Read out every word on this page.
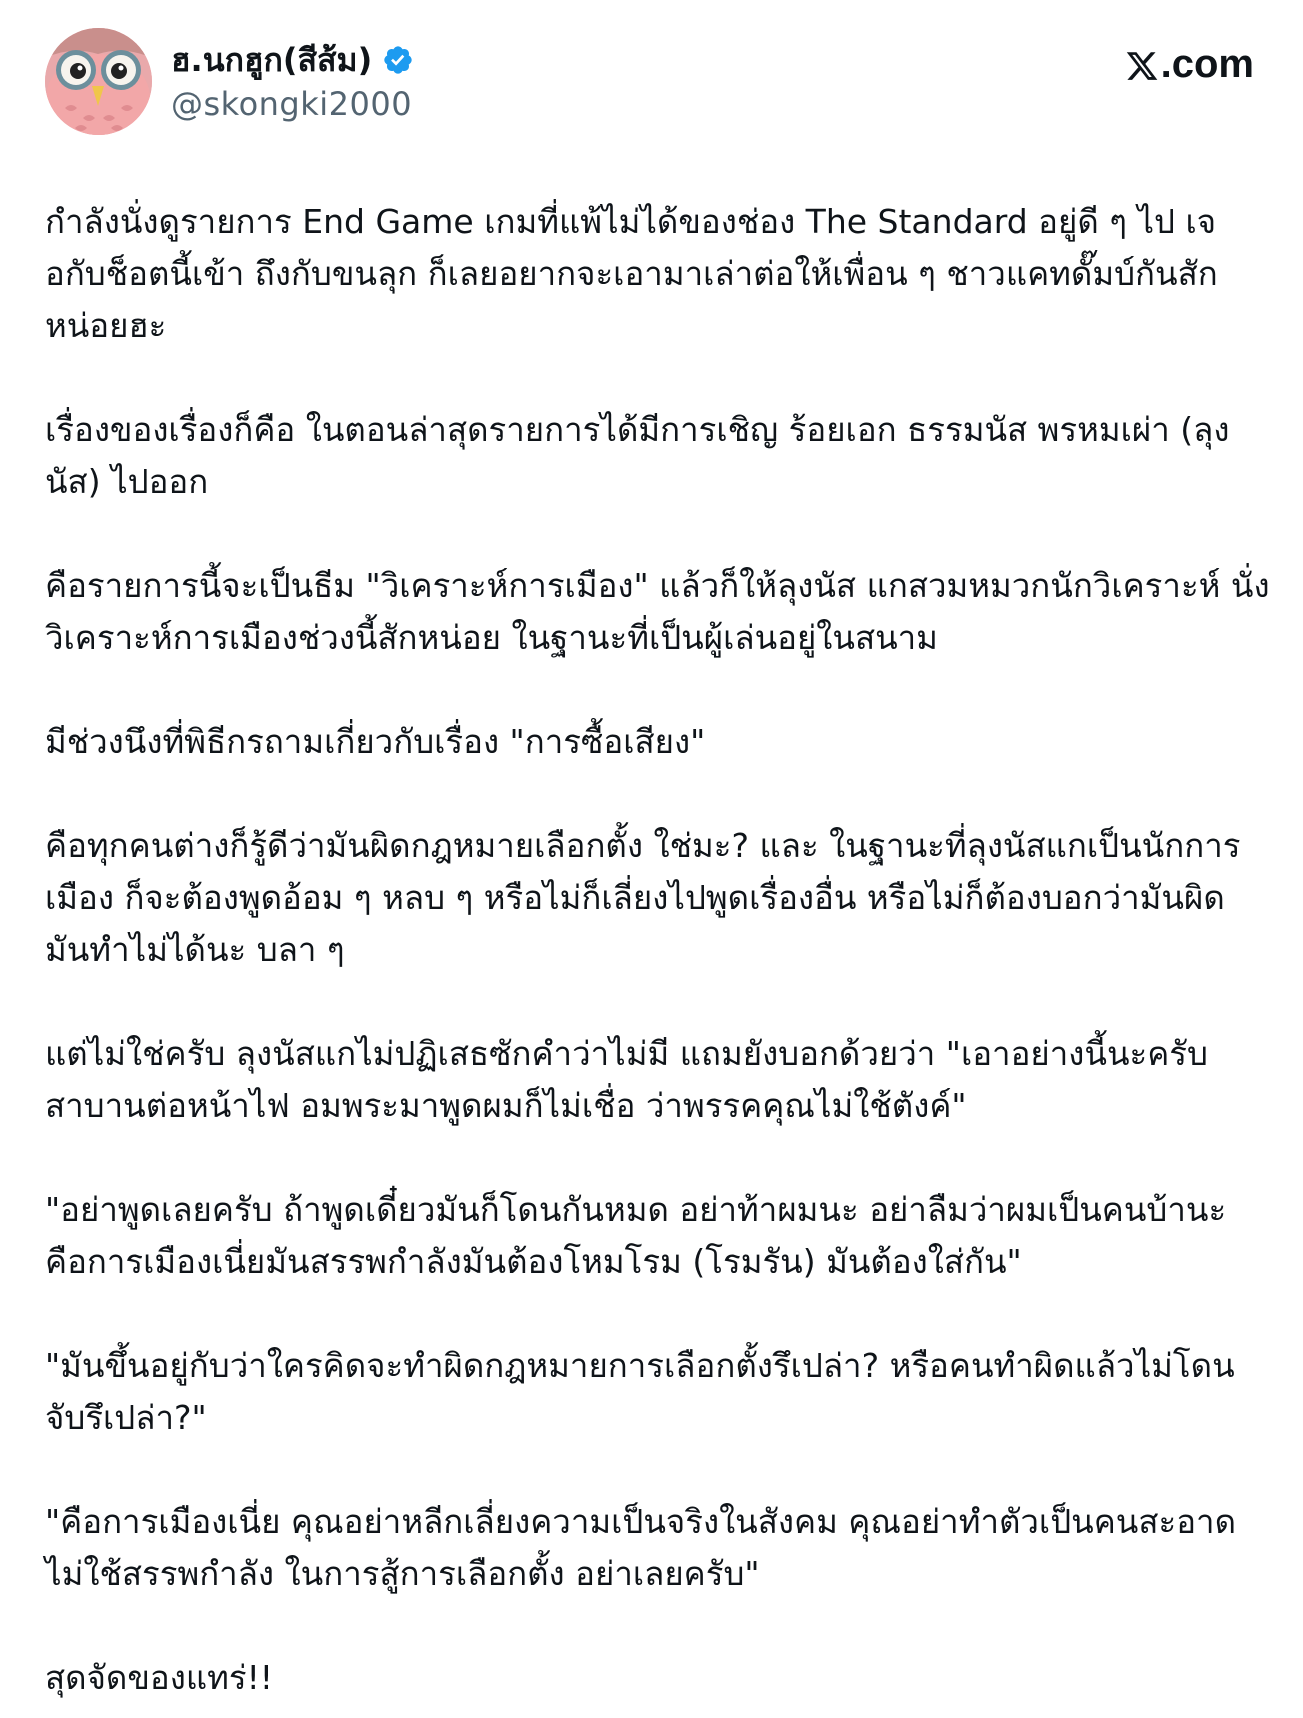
ฮ.นกฮูก(สีส้ม)
@skongki2000
.com

กำลังนั่งดูรายการ End Game เกมที่แพ้ไม่ได้ของช่อง The Standard อยู่ดี ๆ ไป เจอกับช็อตนี้เข้า ถึงกับขนลุก ก็เลยอยากจะเอามาเล่าต่อให้เพื่อน ๆ ชาวแคทดั๊มบ์กันสักหน่อยฮะ

เรื่องของเรื่องก็คือ ในตอนล่าสุดรายการได้มีการเชิญ ร้อยเอก ธรรมนัส พรหมเผ่า (ลุงนัส) ไปออก

คือรายการนี้จะเป็นธีม "วิเคราะห์การเมือง" แล้วก็ให้ลุงนัส แกสวมหมวกนักวิเคราะห์ นั่งวิเคราะห์การเมืองช่วงนี้สักหน่อย ในฐานะที่เป็นผู้เล่นอยู่ในสนาม

มีช่วงนึงที่พิธีกรถามเกี่ยวกับเรื่อง "การซื้อเสียง"

คือทุกคนต่างก็รู้ดีว่ามันผิดกฎหมายเลือกตั้ง ใช่มะ? และ ในฐานะที่ลุงนัสแกเป็นนักการเมือง ก็จะต้องพูดอ้อม ๆ หลบ ๆ หรือไม่ก็เลี่ยงไปพูดเรื่องอื่น หรือไม่ก็ต้องบอกว่ามันผิด มันทำไม่ได้นะ บลา ๆ

แต่ไม่ใช่ครับ ลุงนัสแกไม่ปฏิเสธซักคำว่าไม่มี แถมยังบอกด้วยว่า "เอาอย่างนี้นะครับ สาบานต่อหน้าไฟ อมพระมาพูดผมก็ไม่เชื่อ ว่าพรรคคุณไม่ใช้ตังค์"

"อย่าพูดเลยครับ ถ้าพูดเดี๋ยวมันก็โดนกันหมด อย่าท้าผมนะ อย่าลืมว่าผมเป็นคนบ้านะ คือการเมืองเนี่ยมันสรรพกำลังมันต้องโหมโรม (โรมรัน) มันต้องใส่กัน"

"มันขึ้นอยู่กับว่าใครคิดจะทำผิดกฎหมายการเลือกตั้งรึเปล่า? หรือคนทำผิดแล้วไม่โดนจับรึเปล่า?"

"คือการเมืองเนี่ย คุณอย่าหลีกเลี่ยงความเป็นจริงในสังคม คุณอย่าทำตัวเป็นคนสะอาดไม่ใช้สรรพกำลัง ในการสู้การเลือกตั้ง อย่าเลยครับ"

สุดจัดของแทร่!!
